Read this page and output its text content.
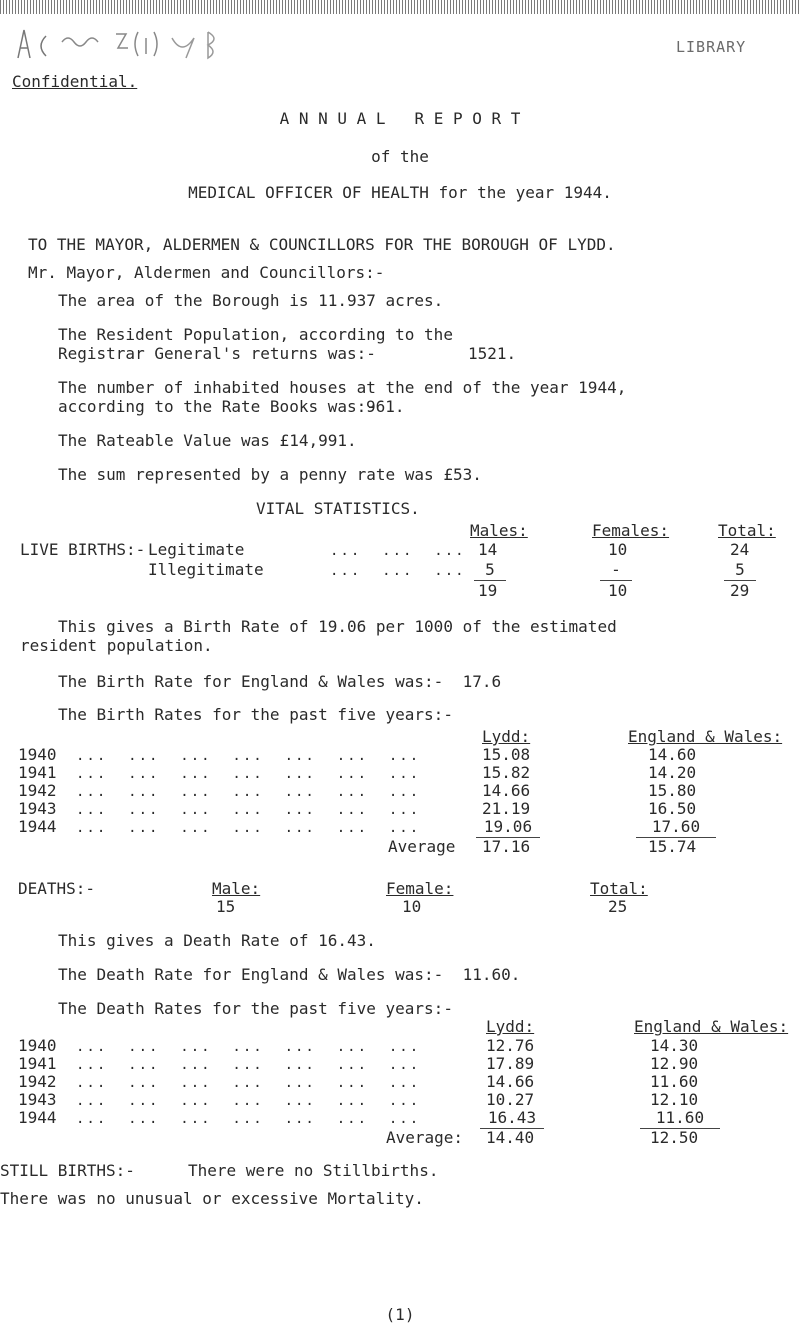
LIBRARY
Confidential.
A N N U A L   R E P O R T
of the
MEDICAL OFFICER OF HEALTH for the year 1944.
TO THE MAYOR, ALDERMEN & COUNCILLORS FOR THE BOROUGH OF LYDD.
Mr. Mayor, Aldermen and Councillors:-
The area of the Borough is 11.937 acres.
The Resident Population, according to the
Registrar General's returns was:-	1521.
The number of inhabited houses at the end of the year 1944,
according to the Rate Books was:-
961.
The Rateable Value was £14,991.
The sum represented by a penny rate was £53.
VITAL STATISTICS.
Males:	Females:	Total:
LIVE BIRTHS:- Legitimate	...  ...  ... 14	10	24
Illegitimate	...  ...  ...	5	-	5
19	10	29
This gives a Birth Rate of 19.06 per 1000 of the estimated
resident population.
The Birth Rate for England & Wales was:-  17.6
The Birth Rates for the past five years:-
Lydd:	England & Wales:
1940 ...  ...  ...  ...  ...  ...  ...	15.08	14.60
1941 ...  ...  ...  ...  ...  ...  ...	15.82	14.20
1942 ...  ...  ...  ...  ...  ...  ...	14.66	15.80
1943 ...  ...  ...  ...  ...  ...  ...	21.19	16.50
1944 ...  ...  ...  ...  ...  ...  ...	19.06	17.60
Average 17.16	15.74
DEATHS:-	Male:	Female:	Total:
15	10	25
This gives a Death Rate of 16.43.
The Death Rate for England & Wales was:-  11.60.
The Death Rates for the past five years:-
Lydd:	England & Wales:
1940 ...  ...  ...  ...  ...  ...  ...	12.76	14.30
1941 ...  ...  ...  ...  ...  ...  ...	17.89	12.90
1942 ...  ...  ...  ...  ...  ...  ...	14.66	11.60
1943 ...  ...  ...  ...  ...  ...  ...	10.27	12.10
1944 ...  ...  ...  ...  ...  ...  ...	16.43	11.60
Average: 14.40	12.50
STILL BIRTHS:-	There were no Stillbirths.
There was no unusual or excessive Mortality.
(1)
